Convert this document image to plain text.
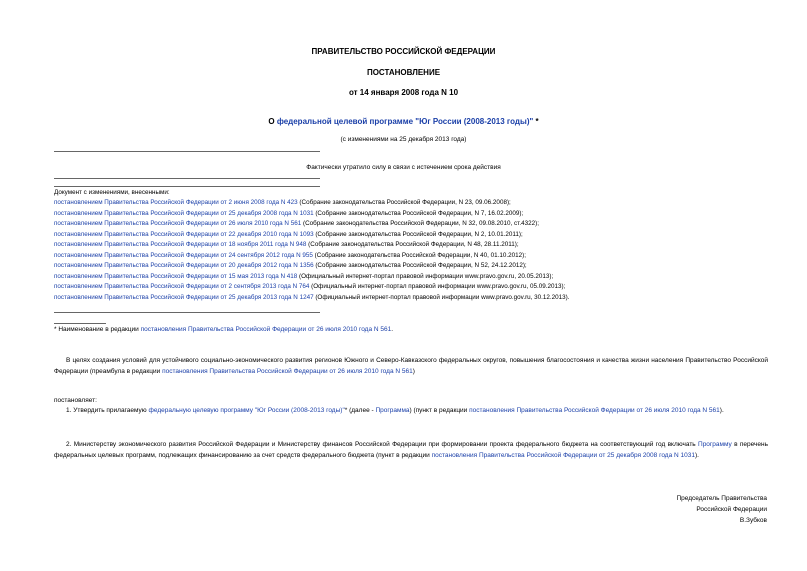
ПРАВИТЕЛЬСТВО РОССИЙСКОЙ ФЕДЕРАЦИИ
ПОСТАНОВЛЕНИЕ
от 14 января 2008 года N 10
О федеральной целевой программе "Юг России (2008-2013 годы)" *
(с изменениями на 25 декабря 2013 года)
Фактически утратило силу в связи с истечением срока действия
Документ с изменениями, внесенными:
постановлением Правительства Российской Федерации от 2 июня 2008 года N 423 (Собрание законодательства Российской Федерации, N 23, 09.06.2008);
постановлением Правительства Российской Федерации от 25 декабря 2008 года N 1031 (Собрание законодательства Российской Федерации, N 7, 16.02.2009);
постановлением Правительства Российской Федерации от 26 июля 2010 года N 561 (Собрание законодательства Российской Федерации, N 32, 09.08.2010, ст.4322);
постановлением Правительства Российской Федерации от 22 декабря 2010 года N 1093 (Собрание законодательства Российской Федерации, N 2, 10.01.2011);
постановлением Правительства Российской Федерации от 18 ноября 2011 года N 948 (Собрание законодательства Российской Федерации, N 48, 28.11.2011);
постановлением Правительства Российской Федерации от 24 сентября 2012 года N 955 (Собрание законодательства Российской Федерации, N 40, 01.10.2012);
постановлением Правительства Российской Федерации от 20 декабря 2012 года N 1356 (Собрание законодательства Российской Федерации, N 52, 24.12.2012);
постановлением Правительства Российской Федерации от 15 мая 2013 года N 418 (Официальный интернет-портал правовой информации www.pravo.gov.ru, 20.05.2013);
постановлением Правительства Российской Федерации от 2 сентября 2013 года N 764 (Официальный интернет-портал правовой информации www.pravo.gov.ru, 05.09.2013);
постановлением Правительства Российской Федерации от 25 декабря 2013 года N 1247 (Официальный интернет-портал правовой информации www.pravo.gov.ru, 30.12.2013).
* Наименование в редакции постановления Правительства Российской Федерации от 26 июля 2010 года N 561.
В целях создания условий для устойчивого социально-экономического развития регионов Южного и Северо-Кавказского федеральных округов, повышения благосостояния и качества жизни населения Правительство Российской Федерации (преамбула в редакции постановления Правительства Российской Федерации от 26 июля 2010 года N 561)
постановляет:
1. Утвердить прилагаемую федеральную целевую программу "Юг России (2008-2013 годы)"* (далее - Программа) (пункт в редакции постановления Правительства Российской Федерации от 26 июля 2010 года N 561).
2. Министерству экономического развития Российской Федерации и Министерству финансов Российской Федерации при формировании проекта федерального бюджета на соответствующий год включать Программу в перечень федеральных целевых программ, подлежащих финансированию за счет средств федерального бюджета (пункт в редакции постановления Правительства Российской Федерации от 25 декабря 2008 года N 1031).
Председатель Правительства
Российской Федерации
В.Зубков
